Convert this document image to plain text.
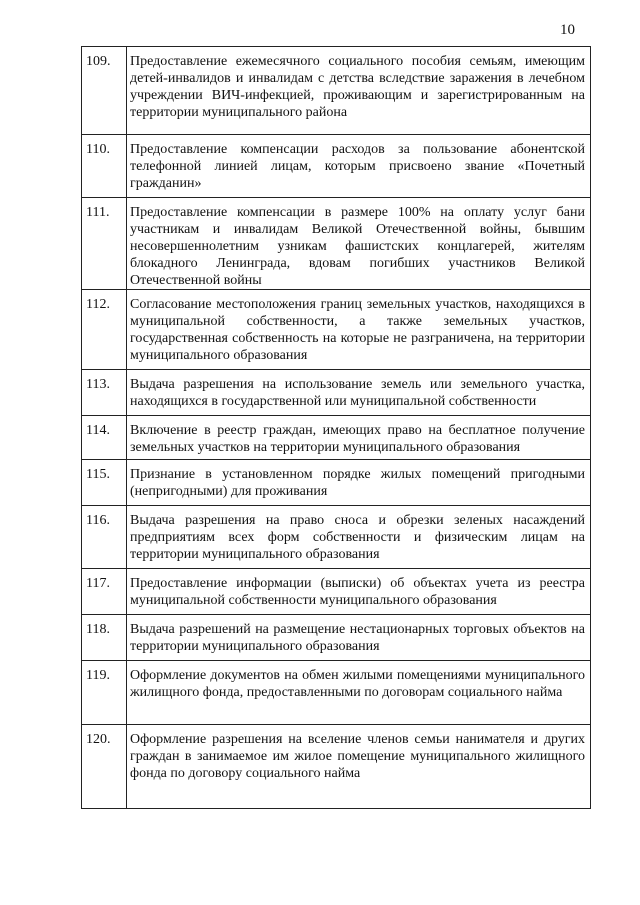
10
109.	Предоставление ежемесячного социального пособия семьям, имеющим детей-инвалидов и инвалидам с детства вследствие заражения в лечебном учреждении ВИЧ-инфекцией, проживающим и зарегистрированным на территории муниципального района
110.	Предоставление компенсации расходов за пользование абонентской телефонной линией лицам, которым присвоено звание «Почетный гражданин»
111.	Предоставление компенсации в размере 100% на оплату услуг бани участникам и инвалидам Великой Отечественной войны, бывшим несовершеннолетним узникам фашистских концлагерей, жителям блокадного Ленинграда, вдовам погибших участников Великой Отечественной войны
112.	Согласование местоположения границ земельных участков, находящихся в муниципальной собственности, а также земельных участков, государственная собственность на которые не разграничена, на территории муниципального образования
113.	Выдача разрешения на использование земель или земельного участка, находящихся в государственной или муниципальной собственности
114.	Включение в реестр граждан, имеющих право на бесплатное получение земельных участков на территории муниципального образования
115.	Признание в установленном порядке жилых помещений пригодными (непригодными) для проживания
116.	Выдача разрешения на право сноса и обрезки зеленых насаждений предприятиям всех форм собственности и физическим лицам на территории муниципального образования
117.	Предоставление информации (выписки) об объектах учета из реестра муниципальной собственности муниципального образования
118.	Выдача разрешений на размещение нестационарных торговых объектов на территории муниципального образования
119.	Оформление документов на обмен жилыми помещениями муниципального жилищного фонда, предоставленными по договорам социального найма
120.	Оформление разрешения на вселение членов семьи нанимателя и других граждан в занимаемое им жилое помещение муниципального жилищного фонда по договору социального найма
